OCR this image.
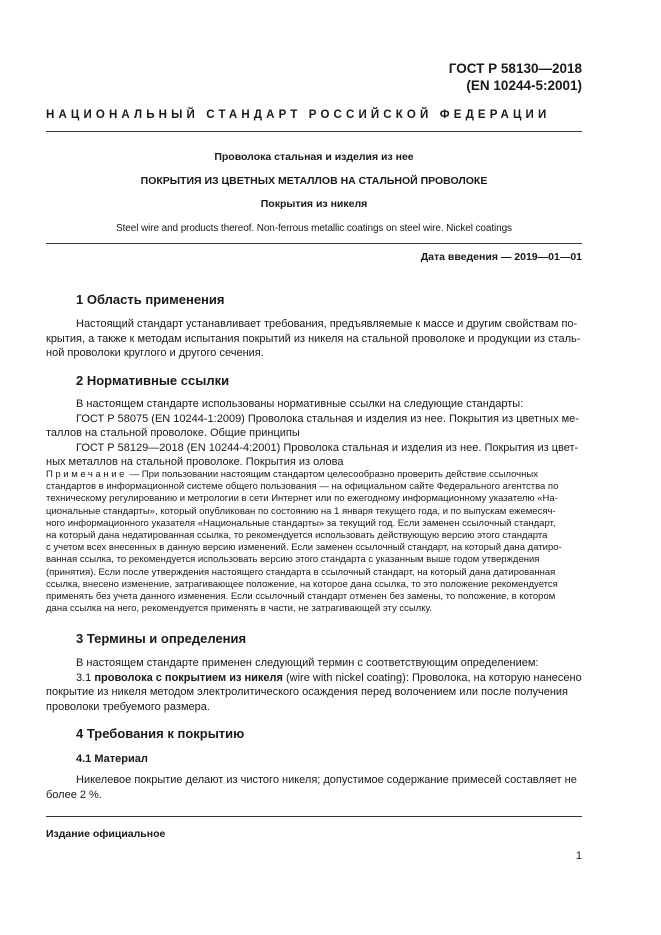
ГОСТ Р 58130—2018
(EN 10244-5:2001)
НАЦИОНАЛЬНЫЙ СТАНДАРТ РОССИЙСКОЙ ФЕДЕРАЦИИ
Проволока стальная и изделия из нее
ПОКРЫТИЯ ИЗ ЦВЕТНЫХ МЕТАЛЛОВ НА СТАЛЬНОЙ ПРОВОЛОКЕ
Покрытия из никеля
Steel wire and products thereof. Non-ferrous metallic coatings on steel wire. Nickel coatings
Дата введения — 2019—01—01
1 Область применения
Настоящий стандарт устанавливает требования, предъявляемые к массе и другим свойствам по-
крытия, а также к методам испытания покрытий из никеля на стальной проволоке и продукции из сталь-
ной проволоки круглого и другого сечения.
2 Нормативные ссылки
В настоящем стандарте использованы нормативные ссылки на следующие стандарты:
ГОСТ Р 58075 (EN 10244-1:2009) Проволока стальная и изделия из нее. Покрытия из цветных ме-
таллов на стальной проволоке. Общие принципы
ГОСТ Р 58129—2018 (EN 10244-4:2001) Проволока стальная и изделия из нее. Покрытия из цвет-
ных металлов на стальной проволоке. Покрытия из олова
Примечание — При пользовании настоящим стандартом целесообразно проверить действие ссылочных
стандартов в информационной системе общего пользования — на официальном сайте Федерального агентства по
техническому регулированию и метрологии в сети Интернет или по ежегодному информационному указателю «На-
циональные стандарты», который опубликован по состоянию на 1 января текущего года, и по выпускам ежемесяч-
ного информационного указателя «Национальные стандарты» за текущий год. Если заменен ссылочный стандарт,
на который дана недатированная ссылка, то рекомендуется использовать действующую версию этого стандарта
с учетом всех внесенных в данную версию изменений. Если заменен ссылочный стандарт, на который дана датиро-
ванная ссылка, то рекомендуется использовать версию этого стандарта с указанным выше годом утверждения
(принятия). Если после утверждения настоящего стандарта в ссылочный стандарт, на который дана датированная
ссылка, внесено изменение, затрагивающее положение, на которое дана ссылка, то это положение рекомендуется
применять без учета данного изменения. Если ссылочный стандарт отменен без замены, то положение, в котором
дана ссылка на него, рекомендуется применять в части, не затрагивающей эту ссылку.
3 Термины и определения
В настоящем стандарте применен следующий термин с соответствующим определением:
3.1 проволока с покрытием из никеля (wire with nickel coating): Проволока, на которую нанесено
покрытие из никеля методом электролитического осаждения перед волочением или после получения
проволоки требуемого размера.
4 Требования к покрытию
4.1 Материал
Никелевое покрытие делают из чистого никеля; допустимое содержание примесей составляет не
более 2 %.
Издание официальное
1
